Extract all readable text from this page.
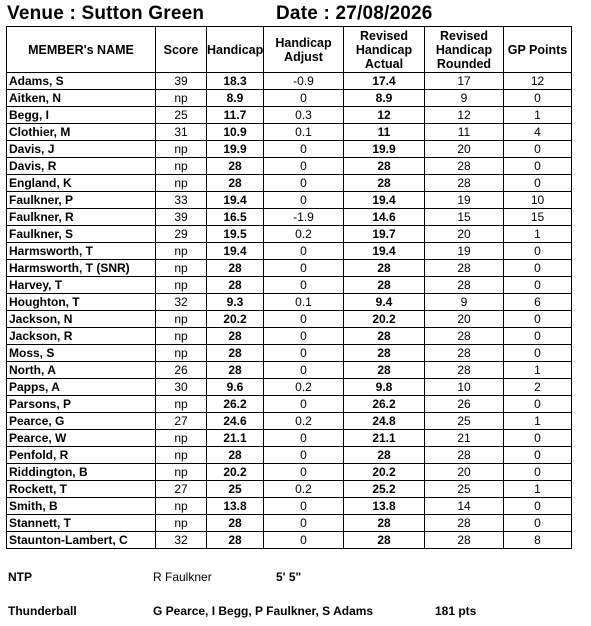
Venue : Sutton Green	Date : 27/08/2026
MEMBER's NAME	Score	Handicap	Handicap Adjust	Revised Handicap Actual	Revised Handicap Rounded	GP Points
Adams, S	39	18.3	-0.9	17.4	17	12
Aitken, N	np	8.9	0	8.9	9	0
Begg, I	25	11.7	0.3	12	12	1
Clothier, M	31	10.9	0.1	11	11	4
Davis, J	np	19.9	0	19.9	20	0
Davis, R	np	28	0	28	28	0
England, K	np	28	0	28	28	0
Faulkner, P	33	19.4	0	19.4	19	10
Faulkner, R	39	16.5	-1.9	14.6	15	15
Faulkner, S	29	19.5	0.2	19.7	20	1
Harmsworth, T	np	19.4	0	19.4	19	0
Harmsworth, T (SNR)	np	28	0	28	28	0
Harvey, T	np	28	0	28	28	0
Houghton, T	32	9.3	0.1	9.4	9	6
Jackson, N	np	20.2	0	20.2	20	0
Jackson, R	np	28	0	28	28	0
Moss, S	np	28	0	28	28	0
North, A	26	28	0	28	28	1
Papps, A	30	9.6	0.2	9.8	10	2
Parsons, P	np	26.2	0	26.2	26	0
Pearce, G	27	24.6	0.2	24.8	25	1
Pearce, W	np	21.1	0	21.1	21	0
Penfold, R	np	28	0	28	28	0
Riddington, B	np	20.2	0	20.2	20	0
Rockett, T	27	25	0.2	25.2	25	1
Smith, B	np	13.8	0	13.8	14	0
Stannett, T	np	28	0	28	28	0
Staunton-Lambert, C	32	28	0	28	28	8
NTP	R Faulkner	5' 5"
Thunderball	G Pearce, I Begg, P Faulkner, S Adams	181 pts
